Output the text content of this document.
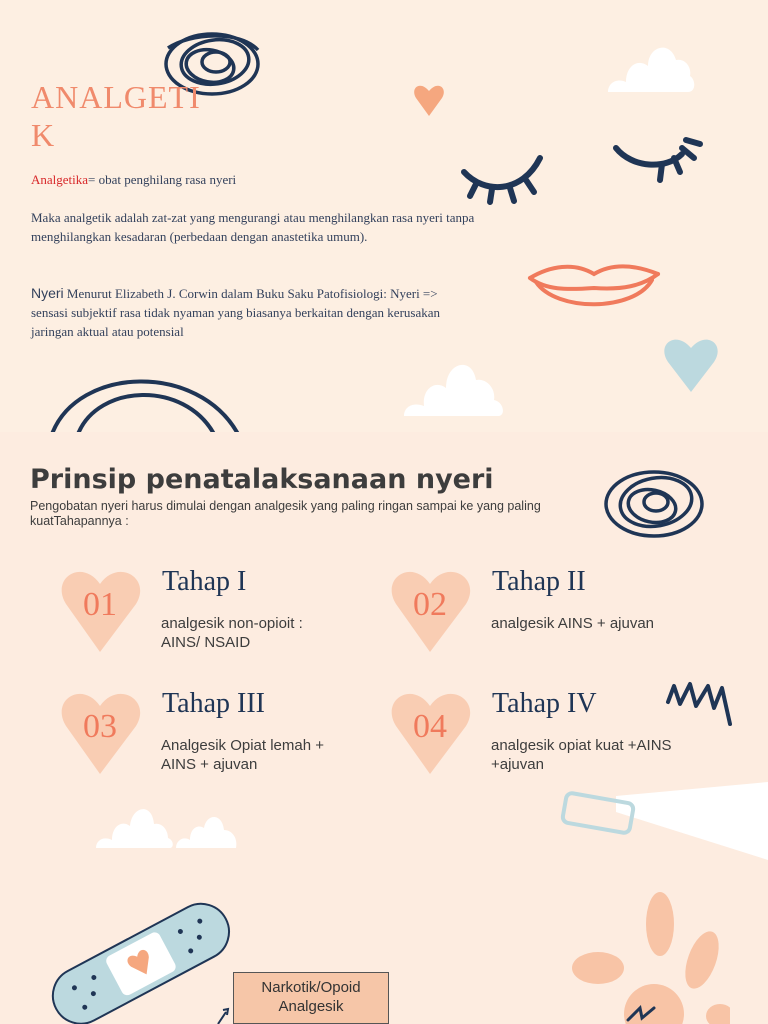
ANALGETIK
Analgetika= obat penghilang rasa nyeri
Maka analgetik adalah zat-zat yang mengurangi atau menghilangkan rasa nyeri tanpa menghilangkan kesadaran (perbedaan dengan anastetika umum).
Nyeri Menurut Elizabeth J. Corwin dalam Buku Saku Patofisiologi: Nyeri => sensasi subjektif rasa tidak nyaman yang biasanya berkaitan dengan kerusakan jaringan aktual atau potensial
Prinsip penatalaksanaan nyeri
Pengobatan nyeri harus dimulai dengan analgesik yang paling ringan sampai ke yang paling kuatTahapannya :
01
Tahap I
analgesik non-opioit :
AINS/ NSAID
02
Tahap II
analgesik AINS + ajuvan
03
Tahap III
Analgesik Opiat lemah +
AINS + ajuvan
04
Tahap IV
analgesik opiat kuat +AINS
+ajuvan
Narkotik/Opoid Analgesik
